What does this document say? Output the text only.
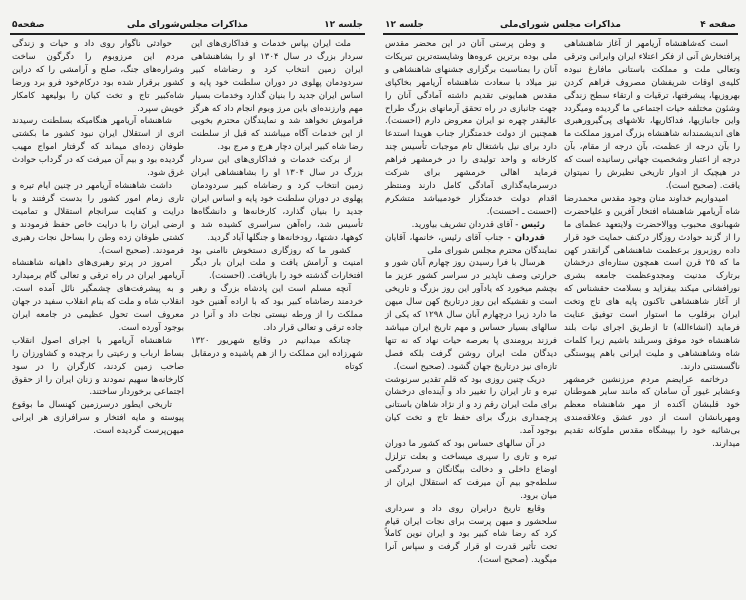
جلسه ۱۲
مذاکرات مجلس‌شورای ملی
صفحه۵

ملت ایران بپاس خدمات و فداکاری‌های این سردار بزرگ در سال ۱۳۰۴ او را بشاهنشاهی ایران زمین انتخاب کرد و رضاشاه کبیر سردودمان پهلوی در دوران سلطنت خود پایه و اساس ایران جدید را بنیان گذارد وخدمات بسیار مهم وارزنده‌ای باین مرز وبوم انجام داد که هرگز فراموش نخواهد شد و نمایندگان محترم بخوبی از این خدمات آگاه میباشند که قبل از سلطنت رضا شاه کبیر ایران دچار هرج و مرج بود.

از برکت خدمات و فداکاری‌های این سردار بزرگ در سال ۱۳۰۴ او را بشاهنشاهی ایران زمین انتخاب کرد و رضاشاه کبیر سردودمان پهلوی در دوران سلطنت خود پایه و اساس ایران جدید را بنیان گذارد، کارخانه‌ها و دانشگاه‌ها تأسیس شد، راه‌آهن سراسری کشیده شد و کوهها، دشتها، رودخانه‌ها و جنگلها آباد گردید.

کشور ما که روزگاری دستخوش ناامنی بود امنیت و آرامش یافت و ملت ایران بار دیگر افتخارات گذشته خود را بازیافت. (احسنت).

آنچه مسلم است این پادشاه بزرگ و رهبر خردمند رضاشاه کبیر بود که با اراده آهنین خود مملکت را از ورطه نیستی نجات داد و آنرا در جاده ترقی و تعالی قرار داد.

چنانکه میدانیم در وقایع شهریور ۱۳۲۰ شهرزاده این مملکت را از هم پاشیده و درمقابل کوتاه

حوادثی ناگوار روی داد و حیات و زندگی مردم این مرزوبوم را دگرگون ساخت وشراره‌های جنگ، صلح و آرامشی را که دراین کشور برقرار شده بود درکام‌خود فرو برد ورضا شاه‌کبیر تاج و تخت کیان را بولیعهد کامکار خویش سپرد.

شاهنشاه آریامهر هنگامیکه بسلطنت رسیدند اثری از استقلال ایران نبود کشور ما بکشتی طوفان زده‌ای میماند که گرفتار امواج مهیب گردیده بود و بیم آن میرفت که در گرداب حوادث غرق شود.

داشت شاهنشاه آریامهر در چنین ایام تیره و تاری زمام امور کشور را بدست گرفتند و با درایت و کفایت سرانجام استقلال و تمامیت ارضی ایران را با درایت خاص حفظ فرمودند و کشتی طوفان زده وطن را بساحل نجات رهبری فرمودند. (صحیح است).

امروز در پرتو رهبری‌های داهیانه شاهنشاه آریامهر ایران در راه ترقی و تعالی گام برمیدارد و به پیشرفت‌های چشمگیر نائل آمده است. انقلاب شاه و ملت که بنام انقلاب سفید در جهان معروف است تحول عظیمی در جامعه ایران بوجود آورده است.

شاهنشاه آریامهر با اجرای اصول انقلاب بساط ارباب و رعیتی را برچیده و کشاورزان را صاحب زمین کردند، کارگران را در سود کارخانه‌ها سهیم نمودند و زنان ایران را از حقوق اجتماعی برخوردار ساختند.

تاریخی ایطور درسرزمین کهنسال ما بوقوع پیوسته و مایه افتخار و سرافرازی هر ایرانی میهن‌پرست گردیده است.

صفحه ۴
مذاکرات مجلس شورای‌ملی
جلسه ۱۲

است که‌شاهنشاه آریامهر از آغاز شاهنشاهی پرافتخارش آنی از فکر اعتلاء ایران وایرانی وترقی وتعالی ملت و مملکت باستانی مافارغ نبوده کلیه‌ی اوقات شریفشان مصروف فراهم کردن بهروزیها، پیشرفتها، ترقیات و ارتقاء سطح زندگی وشئون مختلفه حیات اجتماعی ما گردیده ومیگردد واین جانبازیها، فداکاریها، تلاشهای پی‌گیرورهبری های اندیشمندانه شاهنشاه بزرگ امروز مملکت ما را بآن درجه از عظمت، بآن درجه از مقام، بآن درجه از اعتبار وشخصیت جهانی رسانیده است که در هیچیک از ادوار تاریخی نظیرش را نمیتوان یافت. (صحیح است).

امیدواریم خداوند منان وجود مقدس محمدرضا شاه آریامهر شاهنشاه افتخار آفرین و علیاحضرت شهبانوی محبوب ووالاحضرت ولایتعهد عظمای ما را از گزند حوادث روزگار درکنف حمایت خود قرار داده روزبروز برعظمت شاهنشاهی گرانقدر کهن ما که ۲۵ قرن است همچون ستاره‌ای درخشان برتارک مدنیت ومجدوعظمت جامعه بشری نورافشانی میکند بیفزاید و بسلامت حقشناس که از آغاز شاهنشاهی تاکنون پایه های تاج وتخت ایران برقلوب ما استوار است توفیق عنایت فرماید (انشاءالله) تا ازطریق اجرای نیات بلند شاهنشاه خود موفق وسربلند باشیم زیرا کلمات شاه وشاهنشاهی و ملیت ایرانی باهم پیوستگی ناگسستنی دارند.

درخاتمه عرایضم مردم مرزنشین خرمشهر وعشایر غیور آن سامان که مانند سایر هموطنان خود قلبشان آکنده از مهر شاهنشاه معظم ومهربانشان است از دور عشق وعلاقه‌مندی بی‌شائبه خود را بپیشگاه مقدس ملوکانه تقدیم میدارند.

و وطن پرستی آنان در این محضر مقدس ملی بوده برترین عروه‌ها وشایسته‌ترین تبریکات آنان را بمناسبت برگزاری جشنهای شاهنشاهی و نیز میلاد با سعادت شاهنشاه آریامهر بخاکپای مقدس همایونی تقدیم داشته آمادگی آنان را جهت جانبازی در راه تحقق آرمانهای بزرگ طراح عالیقدر چهره نو ایران معروض دارم (احسنت). همچنین از دولت خدمتگزار جناب هویدا استدعا دارد برای نیل باشتغال تام موجبات تأسیس چند کارخانه و واحد تولیدی را در خرمشهر فراهم فرماید اهالی خرمشهر برای شرکت درسرمایه‌گذاری آمادگی کامل دارند ومنتظر اقدام دولت خدمتگزار خودمیباشد متشکرم (احسنت ـ احسنت).

رئیس - آقای قدردان تشریف بیاورید.

قدردان - جناب آقای رئیس، خانمها، آقایان نمایندگان محترم مجلس شورای ملی

هرسال با فرا رسیدن روز چهارم آبان شور و حرارتی وصف ناپذیر در سراسر کشور عزیز ما بچشم میخورد که یادآور این روز بزرگ و تاریخی است و نقشیکه این روز درتاریخ کهن سال میهن ما دارد زیرا درچهارم آبان سال ۱۲۹۸ که یکی از سالهای بسیار حساس و مهم تاریخ ایران میباشد فرزند برومندی پا بعرصه حیات نهاد که نه تنها دیدگان ملت ایران روشن گرفت بلکه فصل تازه‌ای نیز درتاریخ جهان گشود. (صحیح است).

دریک چنین روزی بود که قلم تقدیر سرنوشت تیره و تار ایران را تغییر داد و آینده‌ای درخشان برای ملت ایران رقم زد و از نژاد شاهان باستانی پرچمداری بزرگ برای حفظ تاج و تخت کیان بوجود آمد.

در آن سالهای حساس بود که کشور ما دوران تیره و تاری را سپری میساخت و بعلت تزلزل اوضاع داخلی و دخالت بیگانگان و سردرگمی سلطه‌جو بیم آن میرفت که استقلال ایران از میان برود.

وقایع تاریخ درایران روی داد و سرداری سلحشور و میهن پرست برای نجات ایران قیام کرد که رضا شاه کبیر بود و ایران نوین کاملاً تحت تأثیر قدرت او قرار گرفت و سپاس آنرا میگوید. (صحیح است).
